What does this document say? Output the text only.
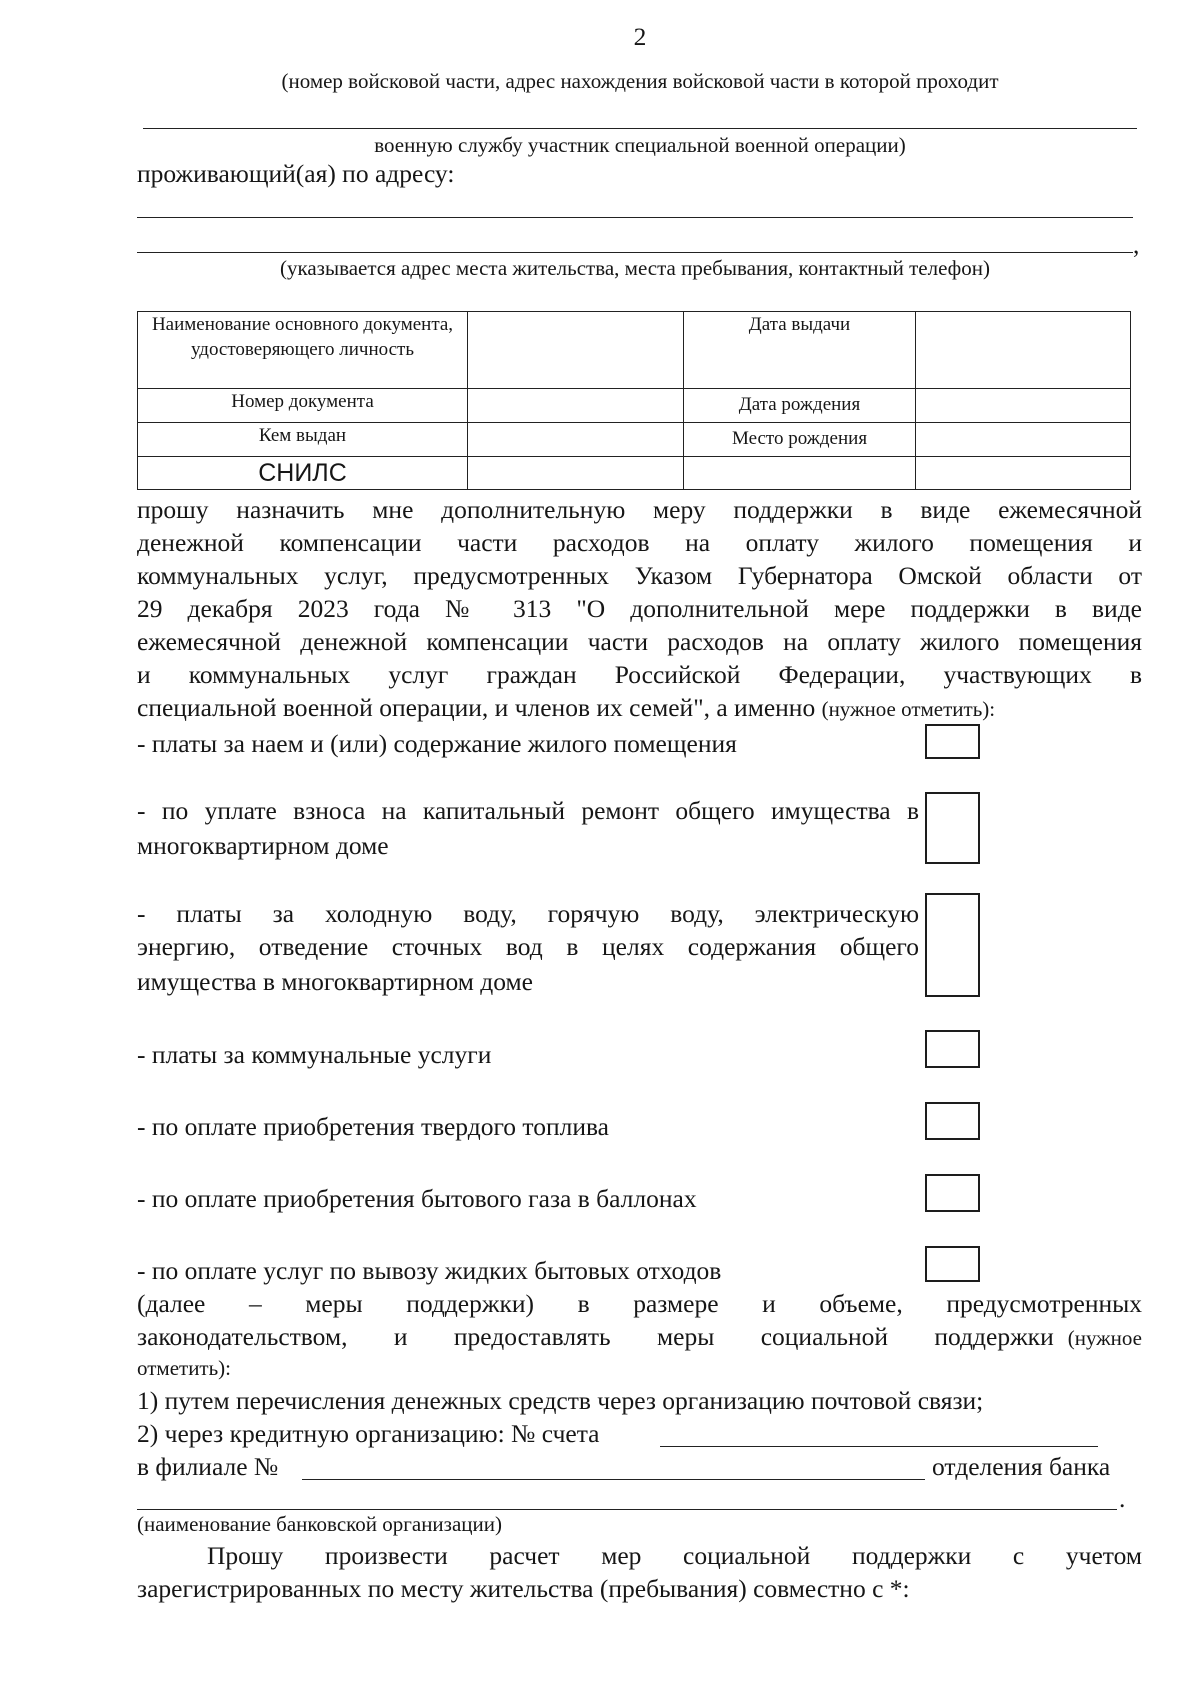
2
(номер войсковой части, адрес нахождения войсковой части в которой проходит
военную службу участник специальной военной операции)
проживающий(ая) по адресу:
,
(указывается адрес места жительства, места пребывания, контактный телефон)
Наименование основного документа, удостоверяющего личность		Дата выдачи	
Номер документа		Дата рождения	
Кем выдан		Место рождения	
СНИЛС			
прошу назначить мне дополнительную меру поддержки в виде ежемесячной
денежной компенсации части расходов на оплату жилого помещения и
коммунальных услуг, предусмотренных Указом Губернатора Омской области от
29 декабря 2023 года № 313 "О дополнительной мере поддержки в виде
ежемесячной денежной компенсации части расходов на оплату жилого помещения
и коммунальных услуг граждан Российской Федерации, участвующих в
специальной военной операции, и членов их семей", а именно (нужное отметить):
- платы за наем и (или) содержание жилого помещения
- по уплате взноса на капитальный ремонт общего имущества в
многоквартирном доме
- платы за холодную воду, горячую воду, электрическую
энергию, отведение сточных вод в целях содержания общего
имущества в многоквартирном доме
- платы за коммунальные услуги
- по оплате приобретения твердого топлива
- по оплате приобретения бытового газа в баллонах
- по оплате услуг по вывозу жидких бытовых отходов
(далее – меры поддержки) в размере и объеме, предусмотренных
законодательством, и предоставлять меры социальной поддержки (нужное
отметить):
1) путем перечисления денежных средств через организацию почтовой связи;
2) через кредитную организацию: № счета
в филиале №	отделения банка
.
(наименование банковской организации)
Прошу произвести расчет мер социальной поддержки с учетом
зарегистрированных по месту жительства (пребывания) совместно с *:
